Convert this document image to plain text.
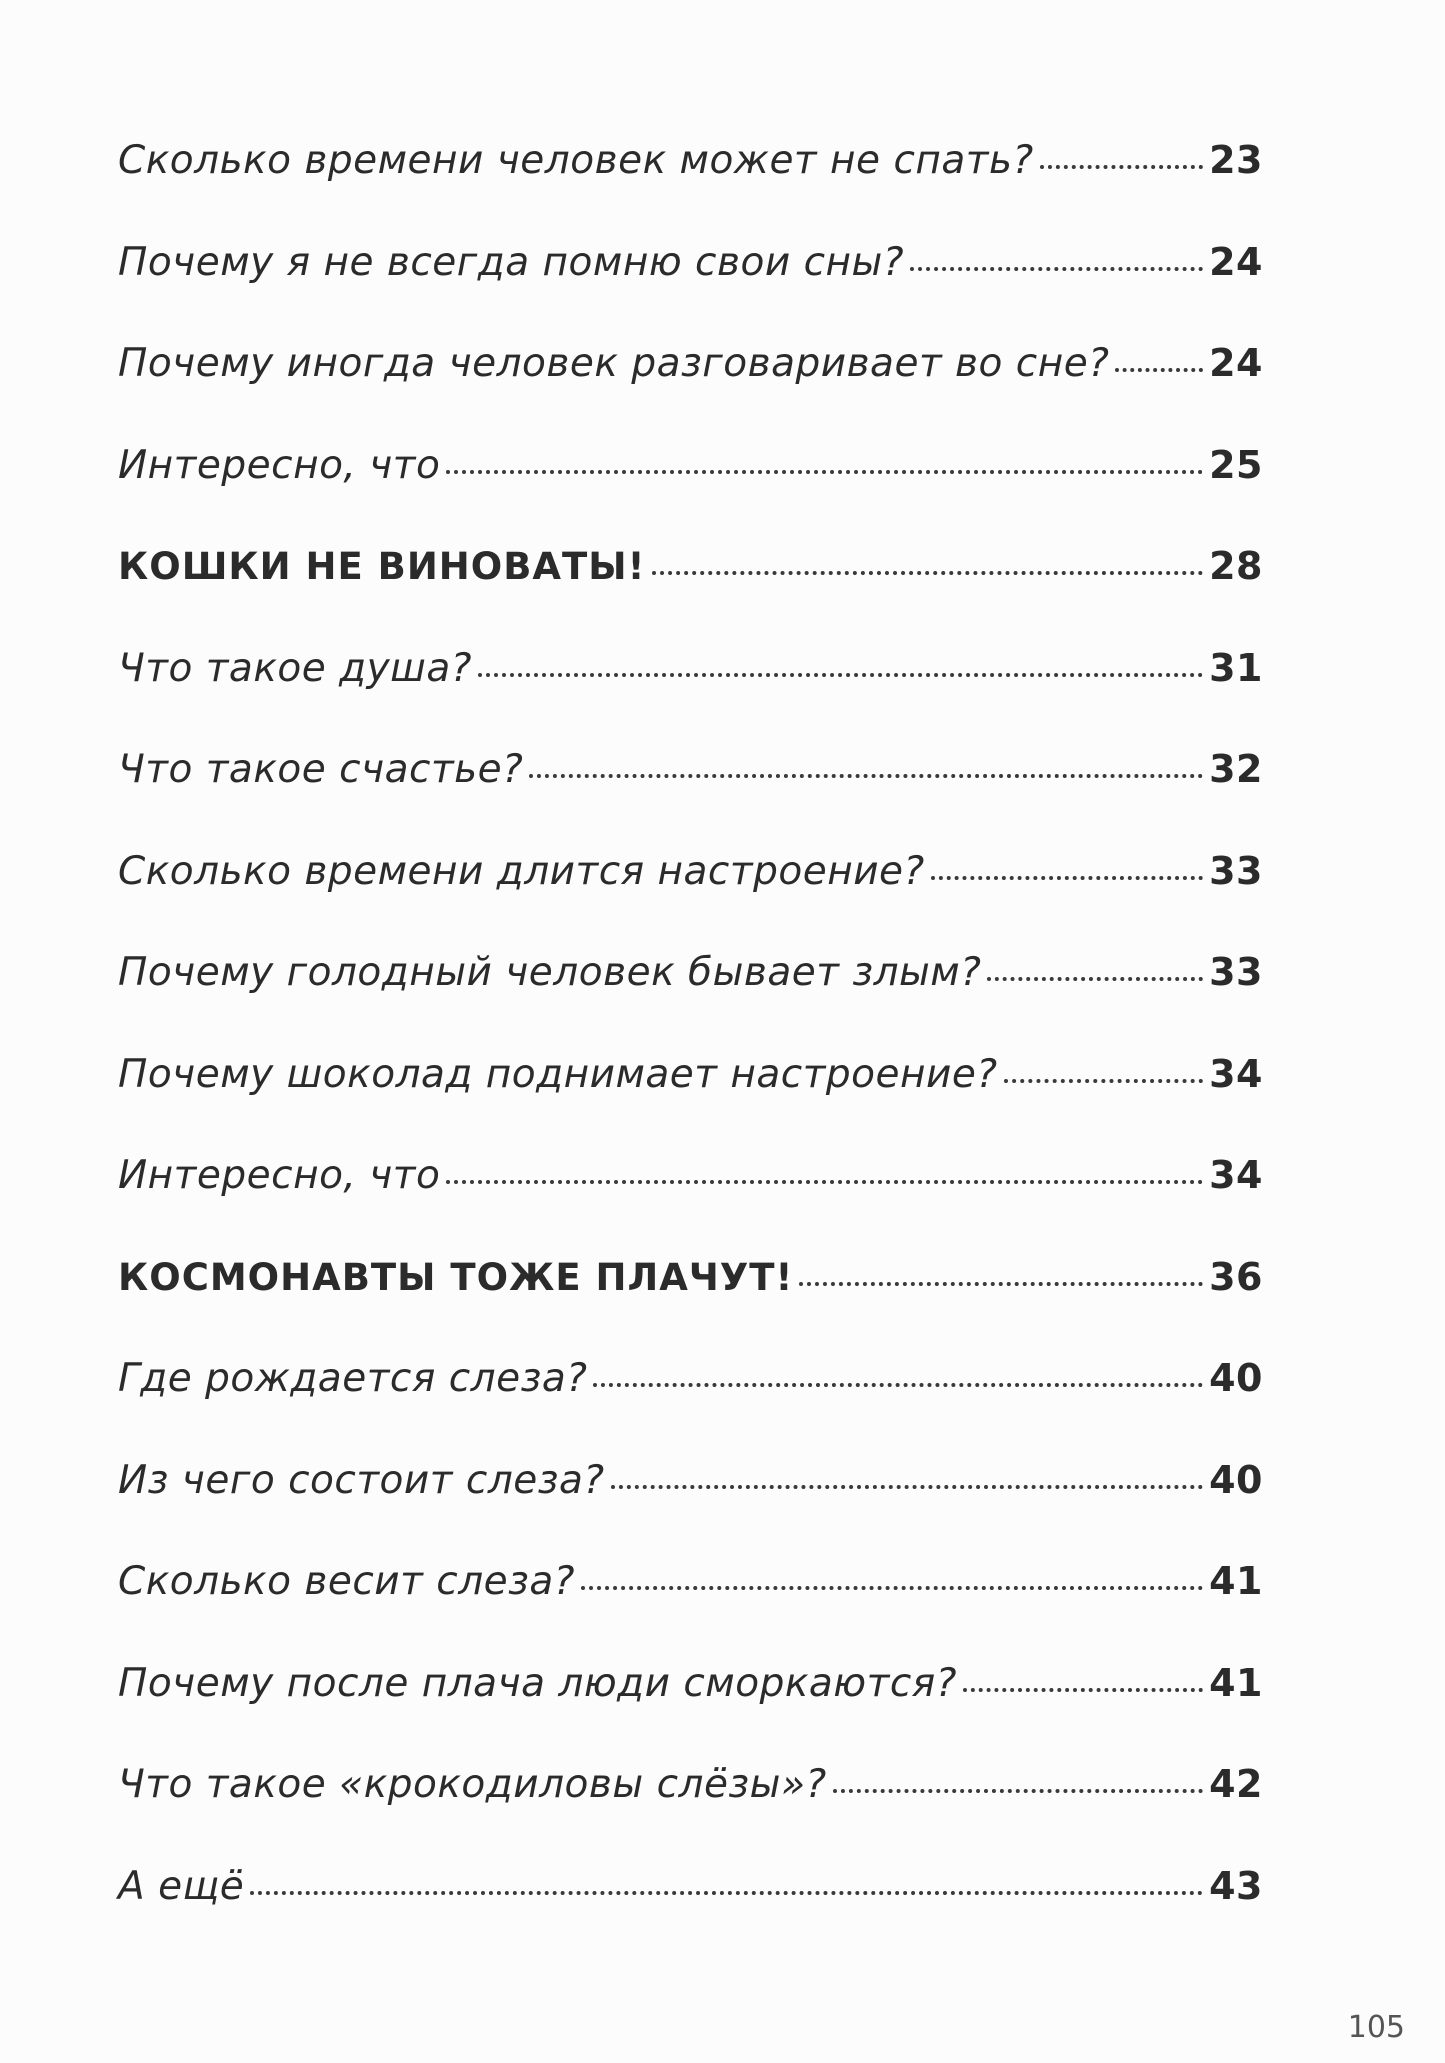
Сколько времени человек может не спать?	23
Почему я не всегда помню свои сны?	24
Почему иногда человек разговаривает во сне?	24
Интересно, что	25
КОШКИ НЕ ВИНОВАТЫ!	28
Что такое душа?	31
Что такое счастье?	32
Сколько времени длится настроение?	33
Почему голодный человек бывает злым?	33
Почему шоколад поднимает настроение?	34
Интересно, что	34
КОСМОНАВТЫ ТОЖЕ ПЛАЧУТ!	36
Где рождается слеза?	40
Из чего состоит слеза?	40
Сколько весит слеза?	41
Почему после плача люди сморкаются?	41
Что такое «крокодиловы слёзы»?	42
А ещё	43
105
